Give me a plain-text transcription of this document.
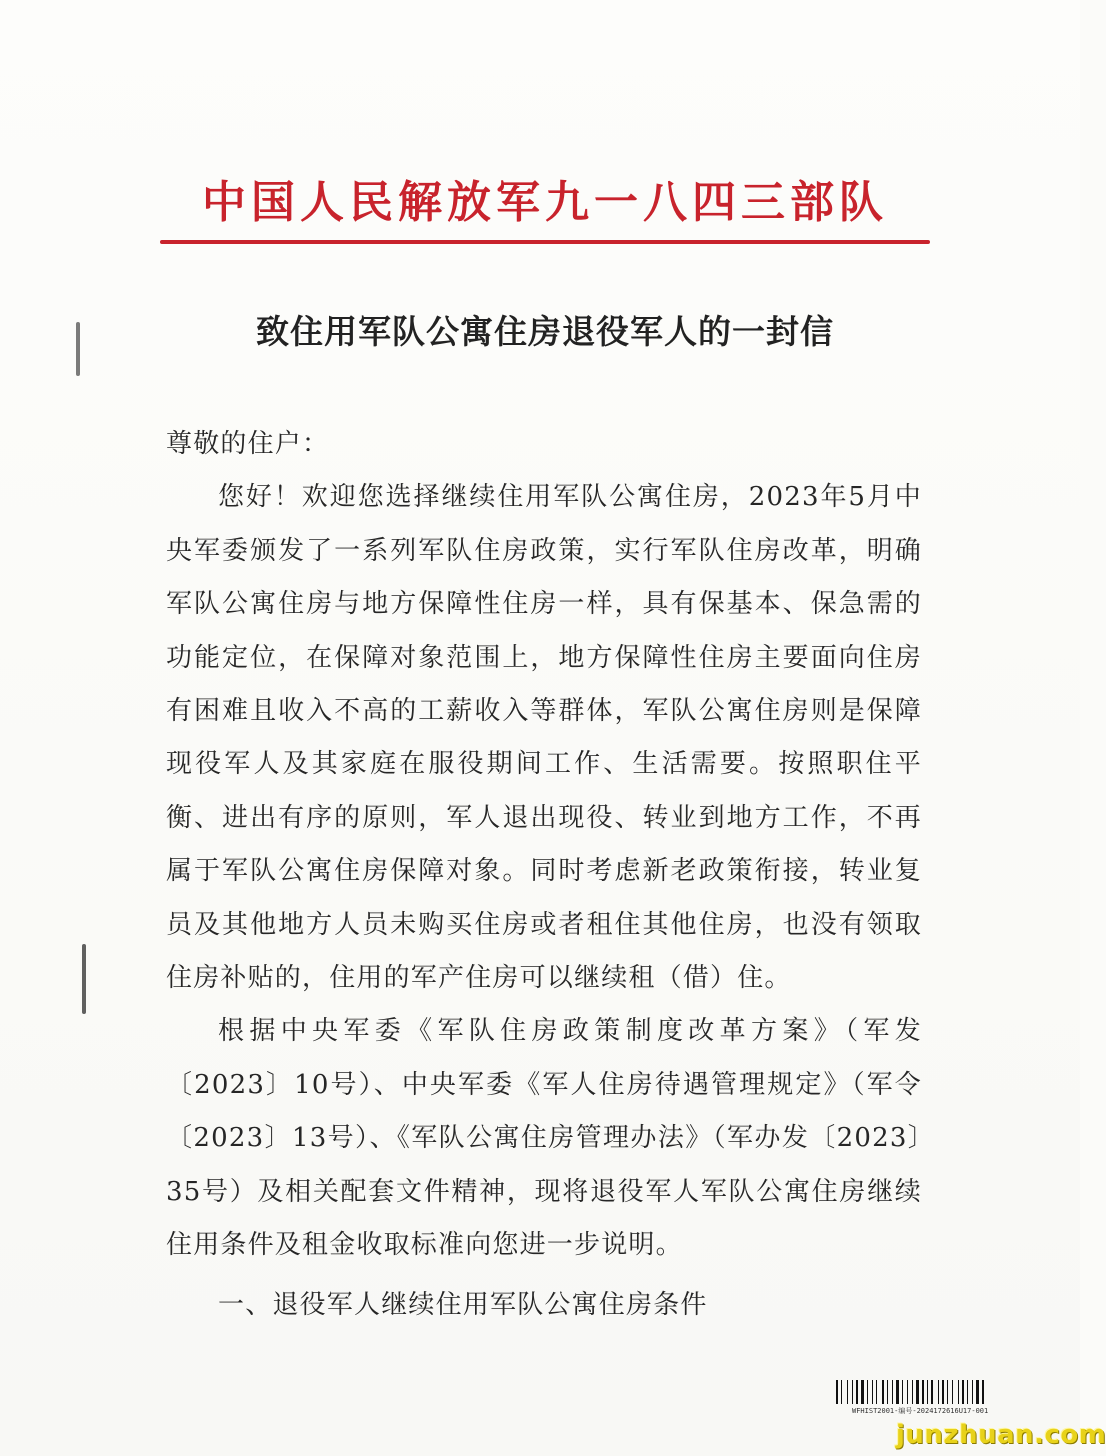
中国人民解放军九一八四三部队
致住用军队公寓住房退役军人的一封信

尊敬的住户：

您好！欢迎您选择继续住用军队公寓住房，2023年5月中央军委颁发了一系列军队住房政策，实行军队住房改革，明确军队公寓住房与地方保障性住房一样，具有保基本、保急需的功能定位，在保障对象范围上，地方保障性住房主要面向住房有困难且收入不高的工薪收入等群体，军队公寓住房则是保障现役军人及其家庭在服役期间工作、生活需要。按照职住平衡、进出有序的原则，军人退出现役、转业到地方工作，不再属于军队公寓住房保障对象。同时考虑新老政策衔接，转业复员及其他地方人员未购买住房或者租住其他住房，也没有领取住房补贴的，住用的军产住房可以继续租（借）住。

根据中央军委《军队住房政策制度改革方案》（军发〔2023〕10号）、中央军委《军人住房待遇管理规定》（军令〔2023〕13号）、《军队公寓住房管理办法》（军办发〔2023〕35号）及相关配套文件精神，现将退役军人军队公寓住房继续住用条件及租金收取标准向您进一步说明。

一、退役军人继续住用军队公寓住房条件

WFHIST2001-编号-2024172616U17-001
junzhuan.com
